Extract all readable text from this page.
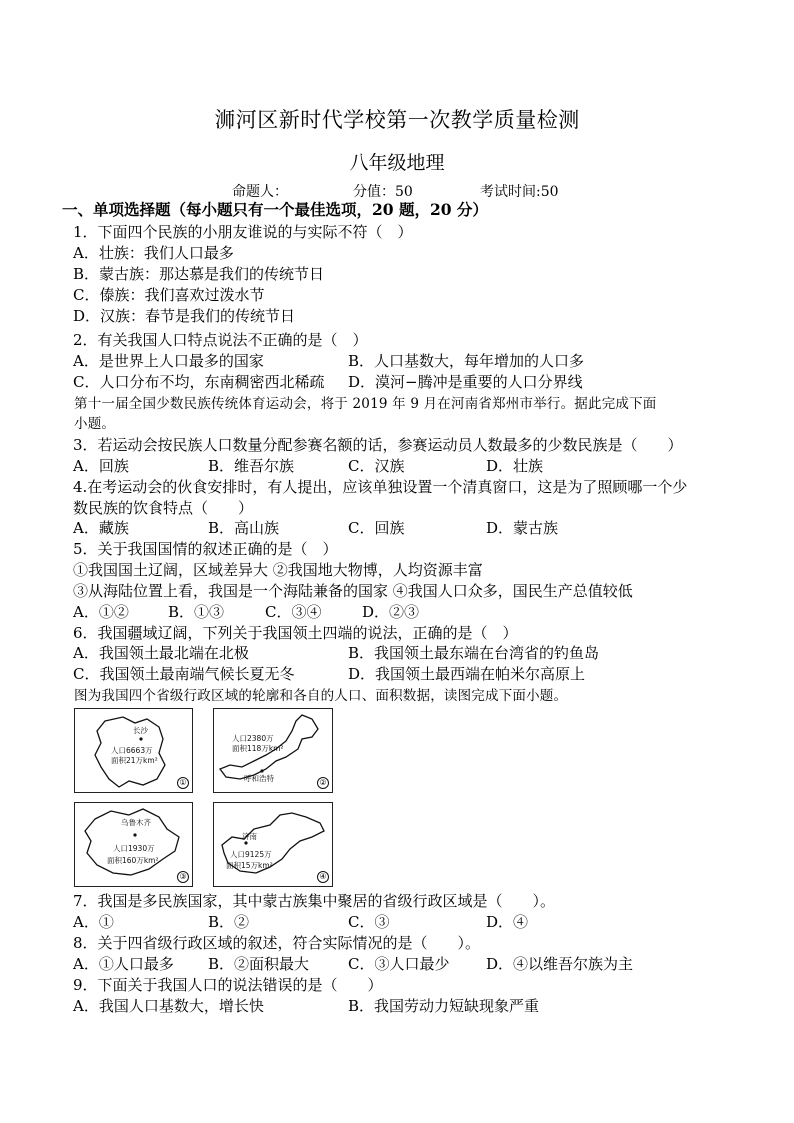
浉河区新时代学校第一次教学质量检测
八年级地理
命题人：	分值：50	考试时间:50
一、单项选择题（每小题只有一个最佳选项，20 题，20 分）
1．下面四个民族的小朋友谁说的与实际不符（　）
A．壮族：我们人口最多
B．蒙古族：那达慕是我们的传统节日
C．傣族：我们喜欢过泼水节
D．汉族：春节是我们的传统节日
2．有关我国人口特点说法不正确的是（　）
A．是世界上人口最多的国家	B．人口基数大，每年增加的人口多
C．人口分布不均，东南稠密西北稀疏 D．漠河−腾冲是重要的人口分界线
第十一届全国少数民族传统体育运动会，将于 2019 年 9 月在河南省郑州市举行。据此完成下面
小题。
3．若运动会按民族人口数量分配参赛名额的话，参赛运动员人数最多的少数民族是（　　）
A．回族	B．维吾尔族	C．汉族	D．壮族
4.在考运动会的伙食安排时，有人提出，应该单独设置一个清真窗口，这是为了照顾哪一个少
数民族的饮食特点（　　）
A．藏族	B．高山族	C．回族	D．蒙古族
5．关于我国国情的叙述正确的是（　）
①我国国土辽阔，区域差异大 ②我国地大物博，人均资源丰富
③从海陆位置上看，我国是一个海陆兼备的国家 ④我国人口众多，国民生产总值较低
A．①②	B．①③	C．③④	D．②③
6．我国疆域辽阔，下列关于我国领土四端的说法，正确的是（　）
A．我国领土最北端在北极	B．我国领土最东端在台湾省的钓鱼岛
C．我国领土最南端气候长夏无冬	D．我国领土最西端在帕米尔高原上
图为我国四个省级行政区域的轮廓和各自的人口、面积数据，读图完成下面小题。
长沙
人口6663万
面积21万km²
①
人口2380万
面积118万km²
呼和浩特	②
乌鲁木齐
人口1930万
面积160万km²
③
济南
人口9125万
面积15万km²
④
7．我国是多民族国家，其中蒙古族集中聚居的省级行政区域是（　　）。
A．①	B．②	C．③	D．④
8．关于四省级行政区域的叙述，符合实际情况的是（　　）。
A．①人口最多 B．②面积最大	C．③人口最少 D．④以维吾尔族为主
9．下面关于我国人口的说法错误的是（　　）
A．我国人口基数大，增长快	B．我国劳动力短缺现象严重
